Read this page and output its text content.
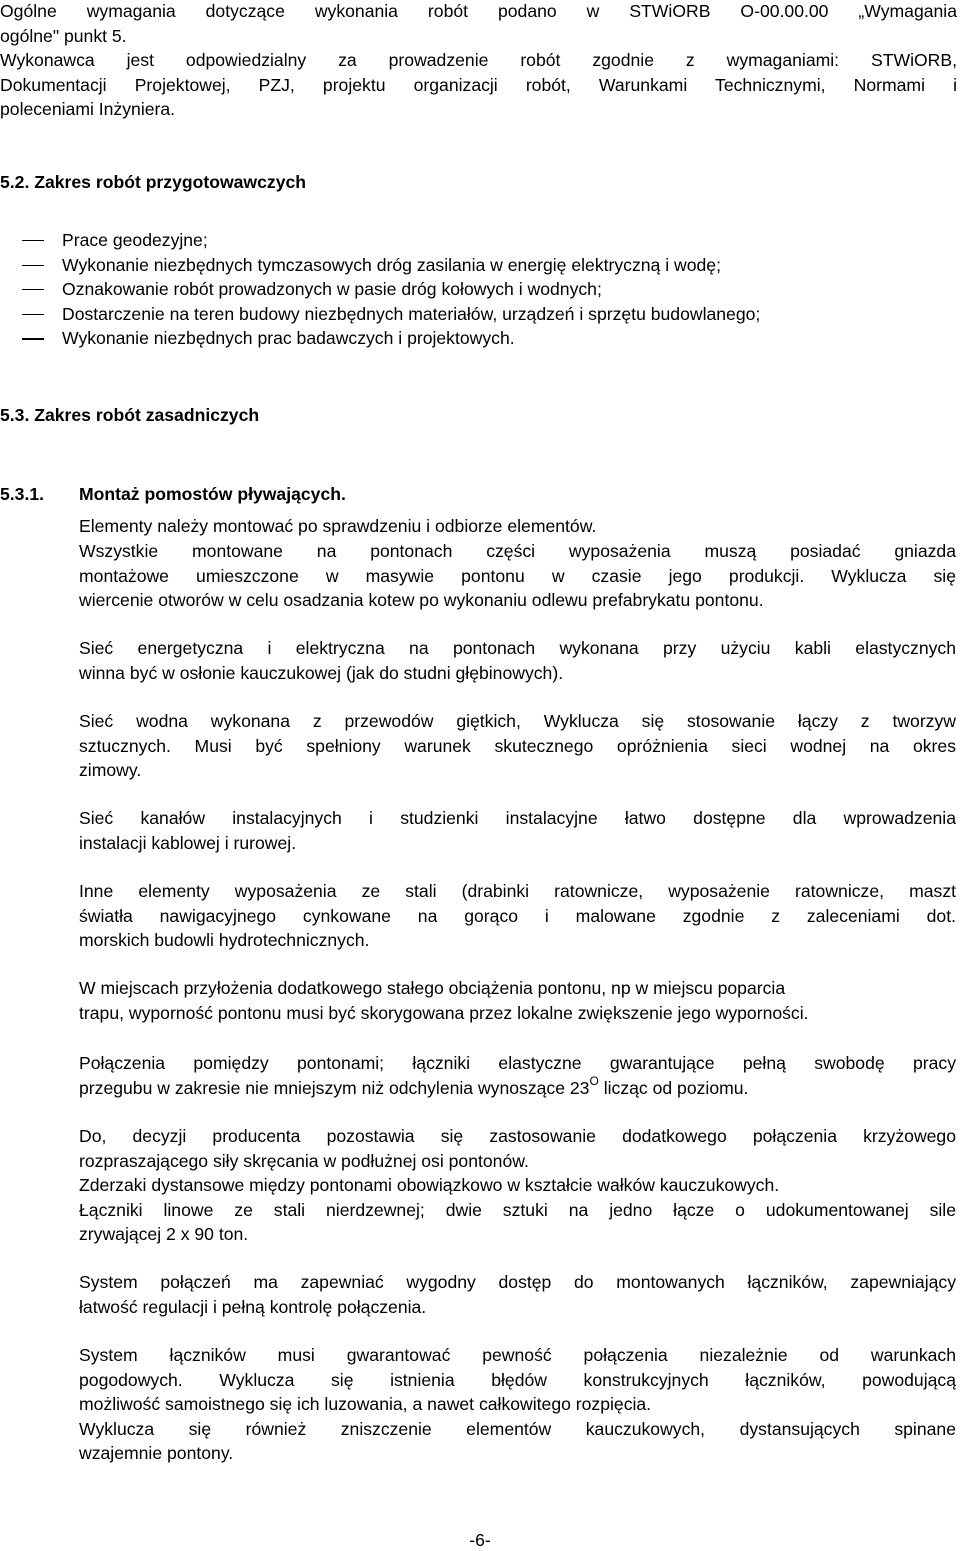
Ogólne wymagania dotyczące wykonania robót podano w STWiORB O-00.00.00 „Wymagania
ogólne" punkt 5.
Wykonawca jest odpowiedzialny za prowadzenie robót zgodnie z wymaganiami: STWiORB,
Dokumentacji Projektowej, PZJ, projektu organizacji robót, Warunkami Technicznymi, Normami i
poleceniami Inżyniera.
5.2. Zakres robót przygotowawczych
Prace geodezyjne;
Wykonanie niezbędnych tymczasowych dróg zasilania w energię elektryczną i wodę;
Oznakowanie robót prowadzonych w pasie dróg kołowych i wodnych;
Dostarczenie na teren budowy niezbędnych materiałów, urządzeń i sprzętu budowlanego;
Wykonanie niezbędnych prac badawczych i projektowych.
5.3. Zakres robót zasadniczych
5.3.1. Montaż pomostów pływających.
Elementy należy montować po sprawdzeniu i odbiorze elementów.
Wszystkie montowane na pontonach części wyposażenia muszą posiadać gniazda
montażowe umieszczone w masywie pontonu w czasie jego produkcji. Wyklucza się
wiercenie otworów w celu osadzania kotew po wykonaniu odlewu prefabrykatu pontonu.
Sieć energetyczna i elektryczna na pontonach wykonana przy użyciu kabli elastycznych
winna być w osłonie kauczukowej (jak do studni głębinowych).
Sieć wodna wykonana z przewodów giętkich, Wyklucza się stosowanie łączy z tworzyw
sztucznych. Musi być spełniony warunek skutecznego opróżnienia sieci wodnej na okres
zimowy.
Sieć kanałów instalacyjnych i studzienki instalacyjne łatwo dostępne dla wprowadzenia
instalacji kablowej i rurowej.
Inne elementy wyposażenia ze stali (drabinki ratownicze, wyposażenie ratownicze, maszt
światła nawigacyjnego cynkowane na gorąco i malowane zgodnie z zaleceniami dot.
morskich budowli hydrotechnicznych.
W miejscach przyłożenia dodatkowego stałego obciążenia pontonu, np w miejscu poparcia
trapu, wyporność pontonu musi być skorygowana przez lokalne zwiększenie jego wyporności.
Połączenia pomiędzy pontonami; łączniki elastyczne gwarantujące pełną swobodę pracy
przegubu w zakresie nie mniejszym niż odchylenia wynoszące $23^O$ licząc od poziomu.
Do, decyzji producenta pozostawia się zastosowanie dodatkowego połączenia krzyżowego
rozpraszającego siły skręcania w podłużnej osi pontonów.
Zderzaki dystansowe między pontonami obowiązkowo w kształcie wałków kauczukowych.
Łączniki linowe ze stali nierdzewnej; dwie sztuki na jedno łącze o udokumentowanej sile
zrywającej 2 x 90 ton.
System połączeń ma zapewniać wygodny dostęp do montowanych łączników, zapewniający
łatwość regulacji i pełną kontrolę połączenia.
System łączników musi gwarantować pewność połączenia niezależnie od warunkach
pogodowych. Wyklucza się istnienia błędów konstrukcyjnych łączników, powodującą
możliwość samoistnego się ich luzowania, a nawet całkowitego rozpięcia.
Wyklucza się również zniszczenie elementów kauczukowych, dystansujących spinane
wzajemnie pontony.
-6-
